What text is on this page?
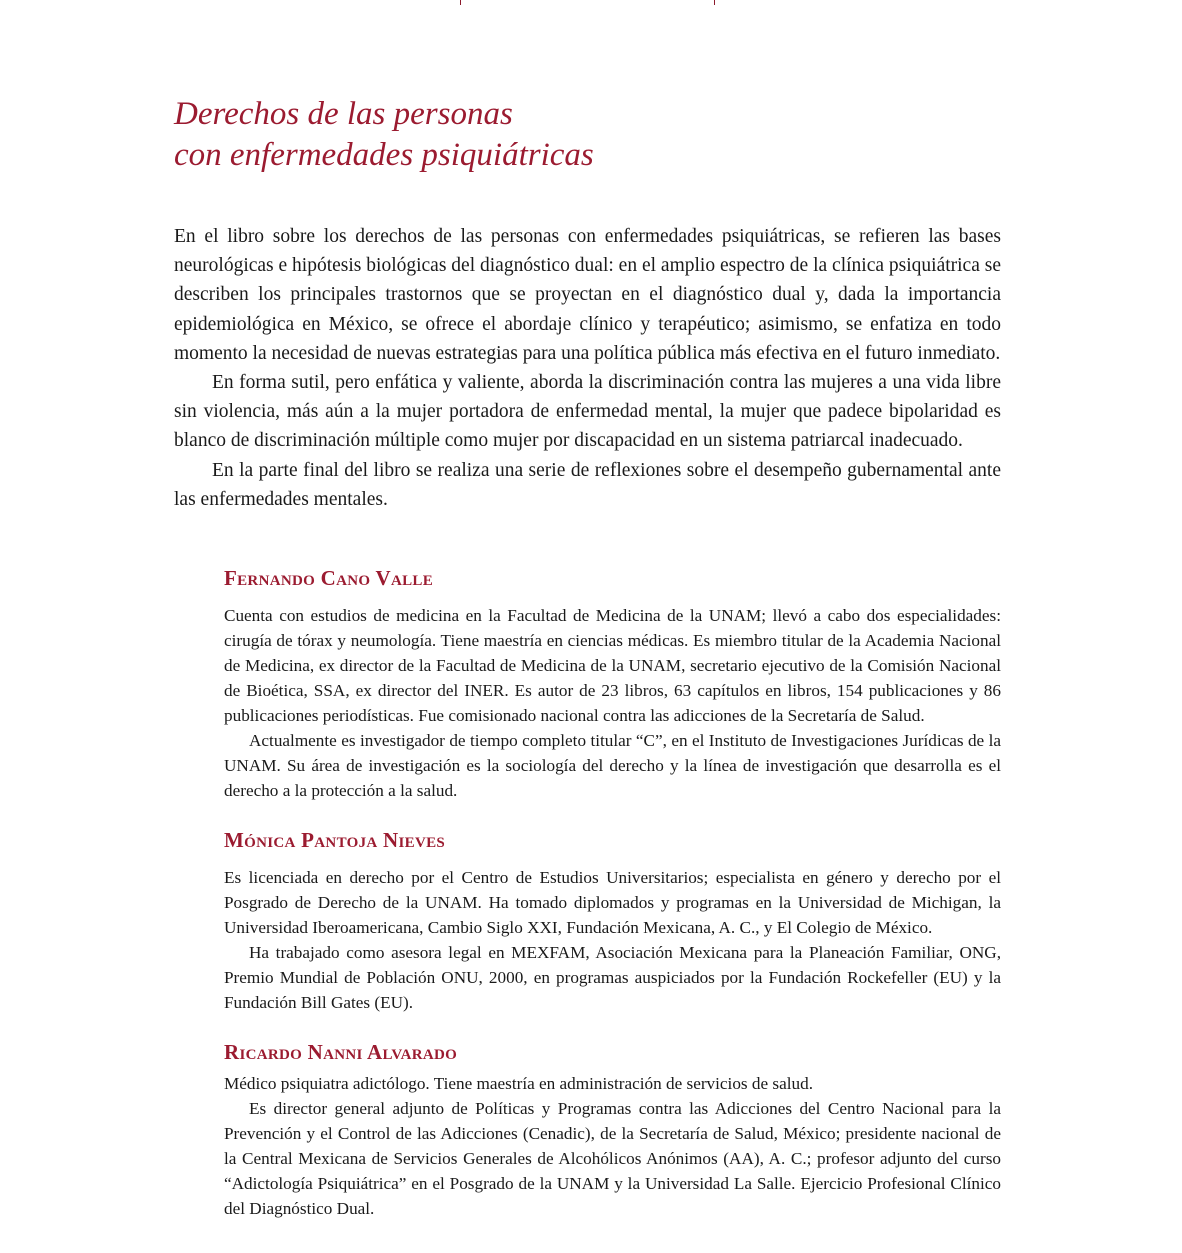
Derechos de las personas
con enfermedades psiquiátricas

En el libro sobre los derechos de las personas con enfermedades psiquiátricas, se refieren las bases neurológicas e hipótesis biológicas del diagnóstico dual: en el amplio espectro de la clínica psiquiátrica se describen los principales trastornos que se proyectan en el diagnóstico dual y, dada la importancia epidemiológica en México, se ofrece el abordaje clínico y terapéutico; asimismo, se enfatiza en todo momento la necesidad de nuevas estrategias para una política pública más efectiva en el futuro inmediato.

En forma sutil, pero enfática y valiente, aborda la discriminación contra las mujeres a una vida libre sin violencia, más aún a la mujer portadora de enfermedad mental, la mujer que padece bipolaridad es blanco de discriminación múltiple como mujer por discapacidad en un sistema patriarcal inadecuado.

En la parte final del libro se realiza una serie de reflexiones sobre el desempeño gubernamental ante las enfermedades mentales.

Fernando Cano Valle

Cuenta con estudios de medicina en la Facultad de Medicina de la UNAM; llevó a cabo dos especialidades: cirugía de tórax y neumología. Tiene maestría en ciencias médicas. Es miembro titular de la Academia Nacional de Medicina, ex director de la Facultad de Medicina de la UNAM, secretario ejecutivo de la Comisión Nacional de Bioética, SSA, ex director del INER. Es autor de 23 libros, 63 capítulos en libros, 154 publicaciones y 86 publicaciones periodísticas. Fue comisionado nacional contra las adicciones de la Secretaría de Salud.

Actualmente es investigador de tiempo completo titular “C”, en el Instituto de Investigaciones Jurídicas de la UNAM. Su área de investigación es la sociología del derecho y la línea de investigación que desarrolla es el derecho a la protección a la salud.

Mónica Pantoja Nieves

Es licenciada en derecho por el Centro de Estudios Universitarios; especialista en género y derecho por el Posgrado de Derecho de la UNAM. Ha tomado diplomados y programas en la Universidad de Michigan, la Universidad Iberoamericana, Cambio Siglo XXI, Fundación Mexicana, A. C., y El Colegio de México.

Ha trabajado como asesora legal en MEXFAM, Asociación Mexicana para la Planeación Familiar, ONG, Premio Mundial de Población ONU, 2000, en programas auspiciados por la Fundación Rockefeller (EU) y la Fundación Bill Gates (EU).

Ricardo Nanni Alvarado

Médico psiquiatra adictólogo. Tiene maestría en administración de servicios de salud.

Es director general adjunto de Políticas y Programas contra las Adicciones del Centro Nacional para la Prevención y el Control de las Adicciones (Cenadic), de la Secretaría de Salud, México; presidente nacional de la Central Mexicana de Servicios Generales de Alcohólicos Anónimos (AA), A. C.; profesor adjunto del curso “Adictología Psiquiátrica” en el Posgrado de la UNAM y la Universidad La Salle. Ejercicio Profesional Clínico del Diagnóstico Dual.
